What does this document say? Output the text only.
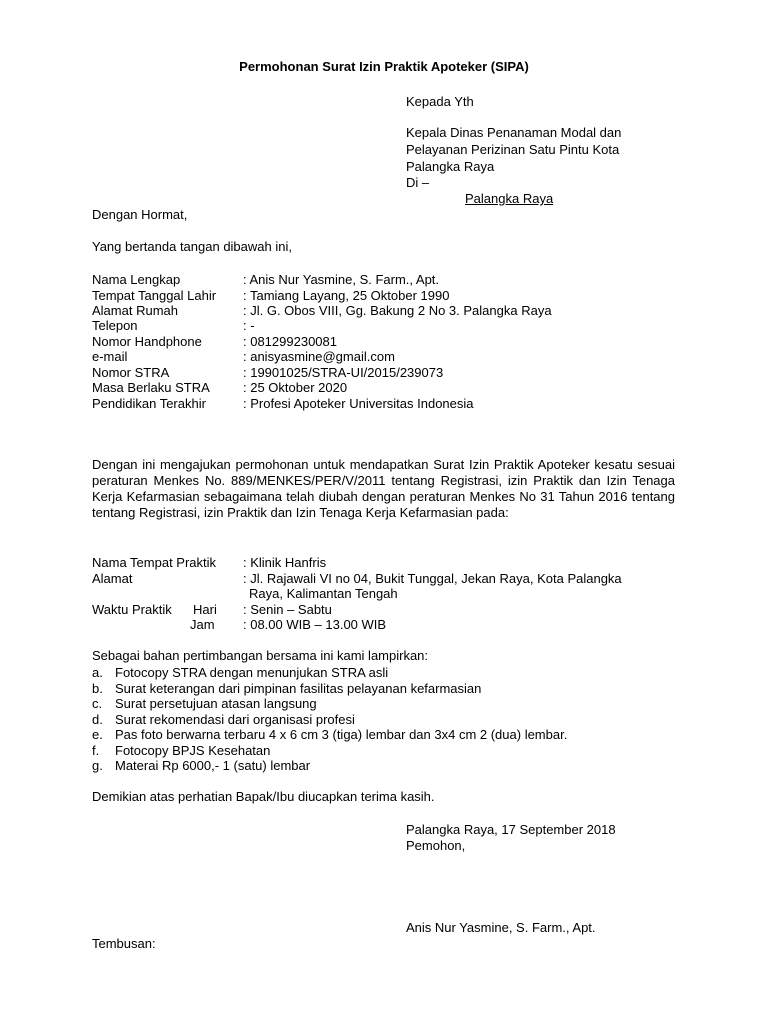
Permohonan Surat Izin Praktik Apoteker (SIPA)
Kepada Yth
Kepala Dinas Penanaman Modal dan
Pelayanan Perizinan Satu Pintu Kota
Palangka Raya
Di –
Palangka Raya
Dengan Hormat,
Yang bertanda tangan dibawah ini,
Nama Lengkap	: Anis Nur Yasmine, S. Farm., Apt.
Tempat Tanggal Lahir : Tamiang Layang, 25 Oktober 1990
Alamat Rumah	: Jl. G. Obos VIII, Gg. Bakung 2 No 3. Palangka Raya
Telepon	: -
Nomor Handphone	: 081299230081
e-mail	: anisyasmine@gmail.com
Nomor STRA	: 19901025/STRA-UI/2015/239073
Masa Berlaku STRA	: 25 Oktober 2020
Pendidikan Terakhir	: Profesi Apoteker Universitas Indonesia
Dengan ini mengajukan permohonan untuk mendapatkan Surat Izin Praktik Apoteker kesatu sesuai peraturan Menkes No. 889/MENKES/PER/V/2011 tentang Registrasi, izin Praktik dan Izin Tenaga Kerja Kefarmasian sebagaimana telah diubah dengan peraturan Menkes No 31 Tahun 2016 tentang tentang Registrasi, izin Praktik dan Izin Tenaga Kerja Kefarmasian pada:
Nama Tempat Praktik : Klinik Hanfris
Alamat	: Jl. Rajawali VI no 04, Bukit Tunggal, Jekan Raya, Kota Palangka
Raya, Kalimantan Tengah
Waktu Praktik Hari : Senin – Sabtu
Jam : 08.00 WIB – 13.00 WIB
Sebagai bahan pertimbangan bersama ini kami lampirkan:
a. Fotocopy STRA dengan menunjukan STRA asli
b. Surat keterangan dari pimpinan fasilitas pelayanan kefarmasian
c. Surat persetujuan atasan langsung
d. Surat rekomendasi dari organisasi profesi
e. Pas foto berwarna terbaru 4 x 6 cm 3 (tiga) lembar dan 3x4 cm 2 (dua) lembar.
f. Fotocopy BPJS Kesehatan
g. Materai Rp 6000,- 1 (satu) lembar
Demikian atas perhatian Bapak/Ibu diucapkan terima kasih.
Palangka Raya, 17 September 2018
Pemohon,
Anis Nur Yasmine, S. Farm., Apt.
Tembusan:
